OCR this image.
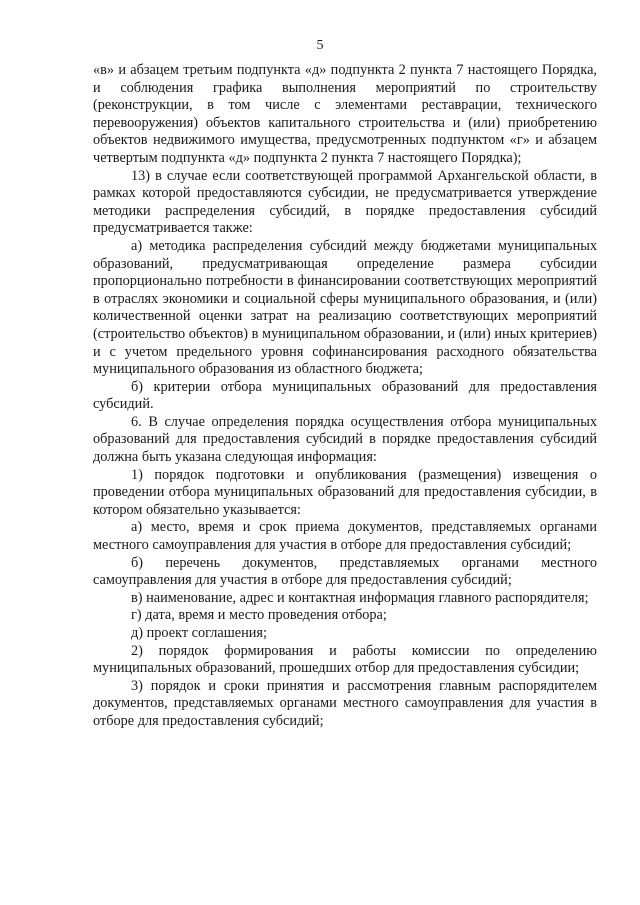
5

«в» и абзацем третьим подпункта «д» подпункта 2 пункта 7 настоящего Порядка, и соблюдения графика выполнения мероприятий по строительству (реконструкции, в том числе с элементами реставрации, технического перевооружения) объектов капитального строительства и (или) приобретению объектов недвижимого имущества, предусмотренных подпунктом «г» и абзацем четвертым подпункта «д» подпункта 2 пункта 7 настоящего Порядка);

13) в случае если соответствующей программой Архангельской области, в рамках которой предоставляются субсидии, не предусматривается утверждение методики распределения субсидий, в порядке предоставления субсидий предусматривается также:

а) методика распределения субсидий между бюджетами муниципальных образований, предусматривающая определение размера субсидии пропорционально потребности в финансировании соответствующих мероприятий в отраслях экономики и социальной сферы муниципального образования, и (или) количественной оценки затрат на реализацию соответствующих мероприятий (строительство объектов) в муниципальном образовании, и (или) иных критериев) и с учетом предельного уровня софинансирования расходного обязательства муниципального образования из областного бюджета;

б) критерии отбора муниципальных образований для предоставления субсидий.

6. В случае определения порядка осуществления отбора муниципальных образований для предоставления субсидий в порядке предоставления субсидий должна быть указана следующая информация:

1) порядок подготовки и опубликования (размещения) извещения о проведении отбора муниципальных образований для предоставления субсидии, в котором обязательно указывается:

а) место, время и срок приема документов, представляемых органами местного самоуправления для участия в отборе для предоставления субсидий;

б) перечень документов, представляемых органами местного самоуправления для участия в отборе для предоставления субсидий;

в) наименование, адрес и контактная информация главного распорядителя;

г) дата, время и место проведения отбора;

д) проект соглашения;

2) порядок формирования и работы комиссии по определению муниципальных образований, прошедших отбор для предоставления субсидии;

3) порядок и сроки принятия и рассмотрения главным распорядителем документов, представляемых органами местного самоуправления для участия в отборе для предоставления субсидий;
